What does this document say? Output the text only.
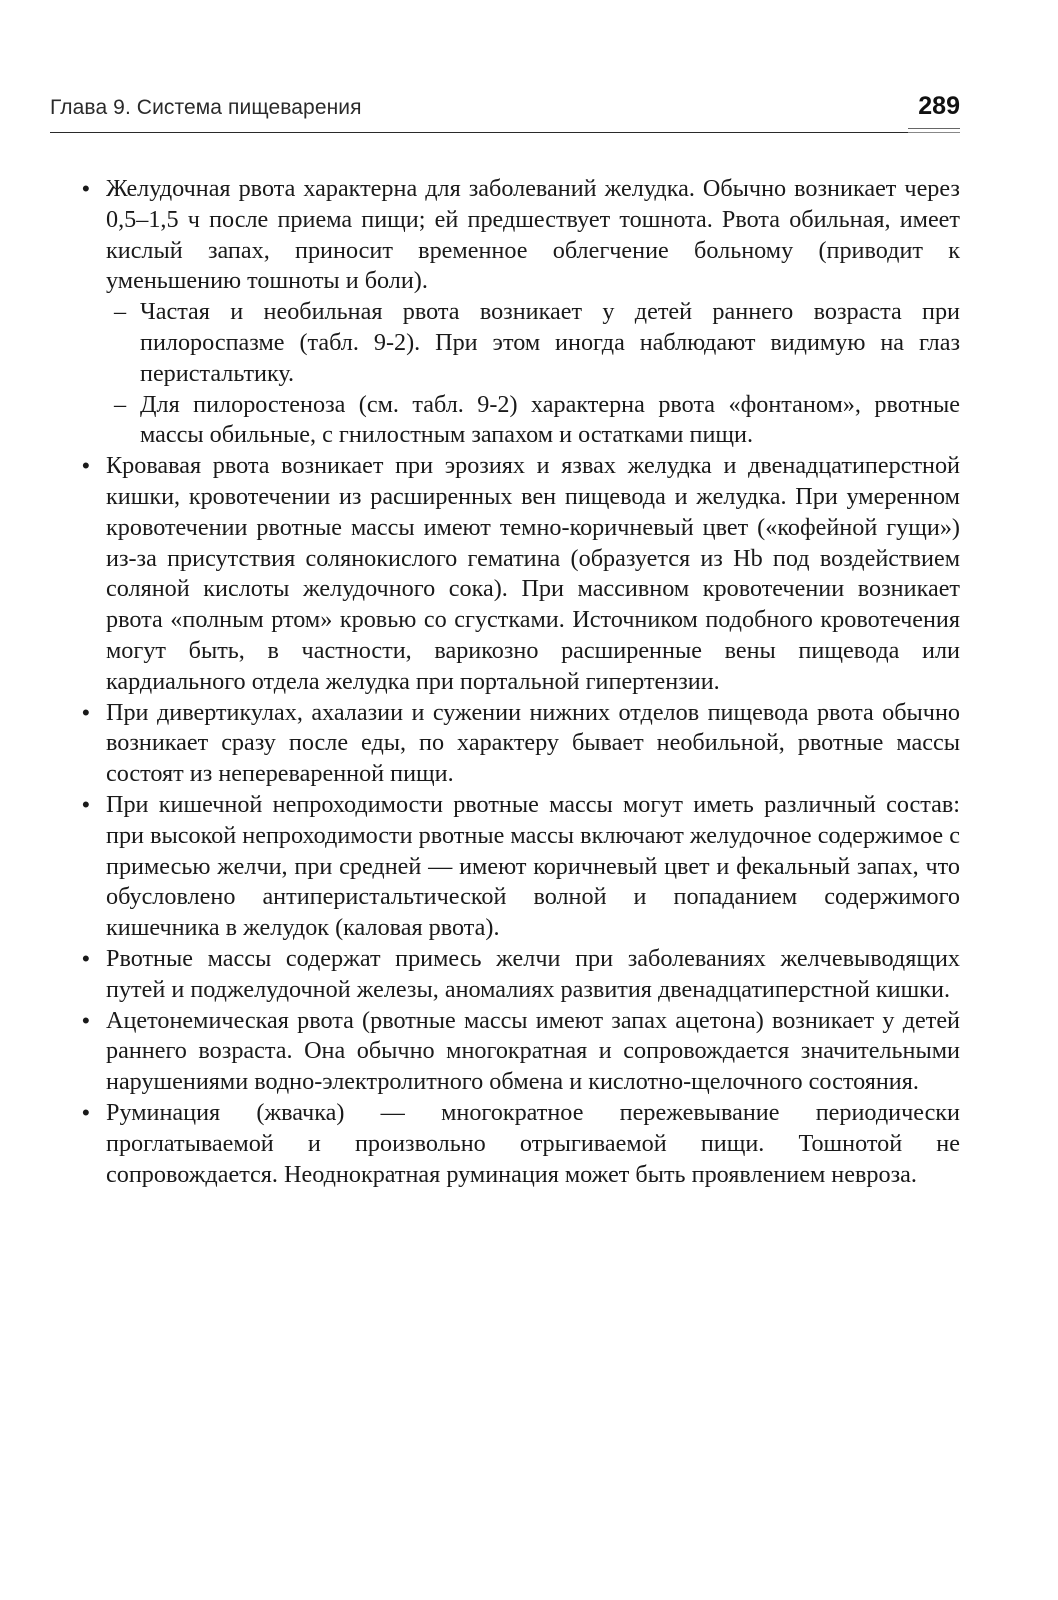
Глава 9. Система пищеварения	289
• Желудочная рвота характерна для заболеваний желудка. Обычно возникает через 0,5–1,5 ч после приема пищи; ей предшествует тошнота. Рвота обильная, имеет кислый запах, приносит временное облегчение больному (приводит к уменьшению тошноты и боли).

– Частая и необильная рвота возникает у детей раннего возраста при пилороспазме (табл. 9-2). При этом иногда наблюдают видимую на глаз перистальтику.

– Для пилоростеноза (см. табл. 9-2) характерна рвота «фонтаном», рвотные массы обильные, с гнилостным запахом и остатками пищи.

• Кровавая рвота возникает при эрозиях и язвах желудка и двенадцатиперстной кишки, кровотечении из расширенных вен пищевода и желудка. При умеренном кровотечении рвотные массы имеют темно-коричневый цвет («кофейной гущи») из-за присутствия солянокислого гематина (образуется из Hb под воздействием соляной кислоты желудочного сока). При массивном кровотечении возникает рвота «полным ртом» кровью со сгустками. Источником подобного кровотечения могут быть, в частности, варикозно расширенные вены пищевода или кардиального отдела желудка при портальной гипертензии.

• При дивертикулах, ахалазии и сужении нижних отделов пищевода рвота обычно возникает сразу после еды, по характеру бывает необильной, рвотные массы состоят из непереваренной пищи.

• При кишечной непроходимости рвотные массы могут иметь различный состав: при высокой непроходимости рвотные массы включают желудочное содержимое с примесью желчи, при средней — имеют коричневый цвет и фекальный запах, что обусловлено антиперистальтической волной и попаданием содержимого кишечника в желудок (каловая рвота).

• Рвотные массы содержат примесь желчи при заболеваниях желчевыводящих путей и поджелудочной железы, аномалиях развития двенадцатиперстной кишки.

• Ацетонемическая рвота (рвотные массы имеют запах ацетона) возникает у детей раннего возраста. Она обычно многократная и сопровождается значительными нарушениями водно-электролитного обмена и кислотно-щелочного состояния.

• Руминация (жвачка) — многократное пережевывание периодически проглатываемой и произвольно отрыгиваемой пищи. Тошнотой не сопровождается. Неоднократная руминация может быть проявлением невроза.
